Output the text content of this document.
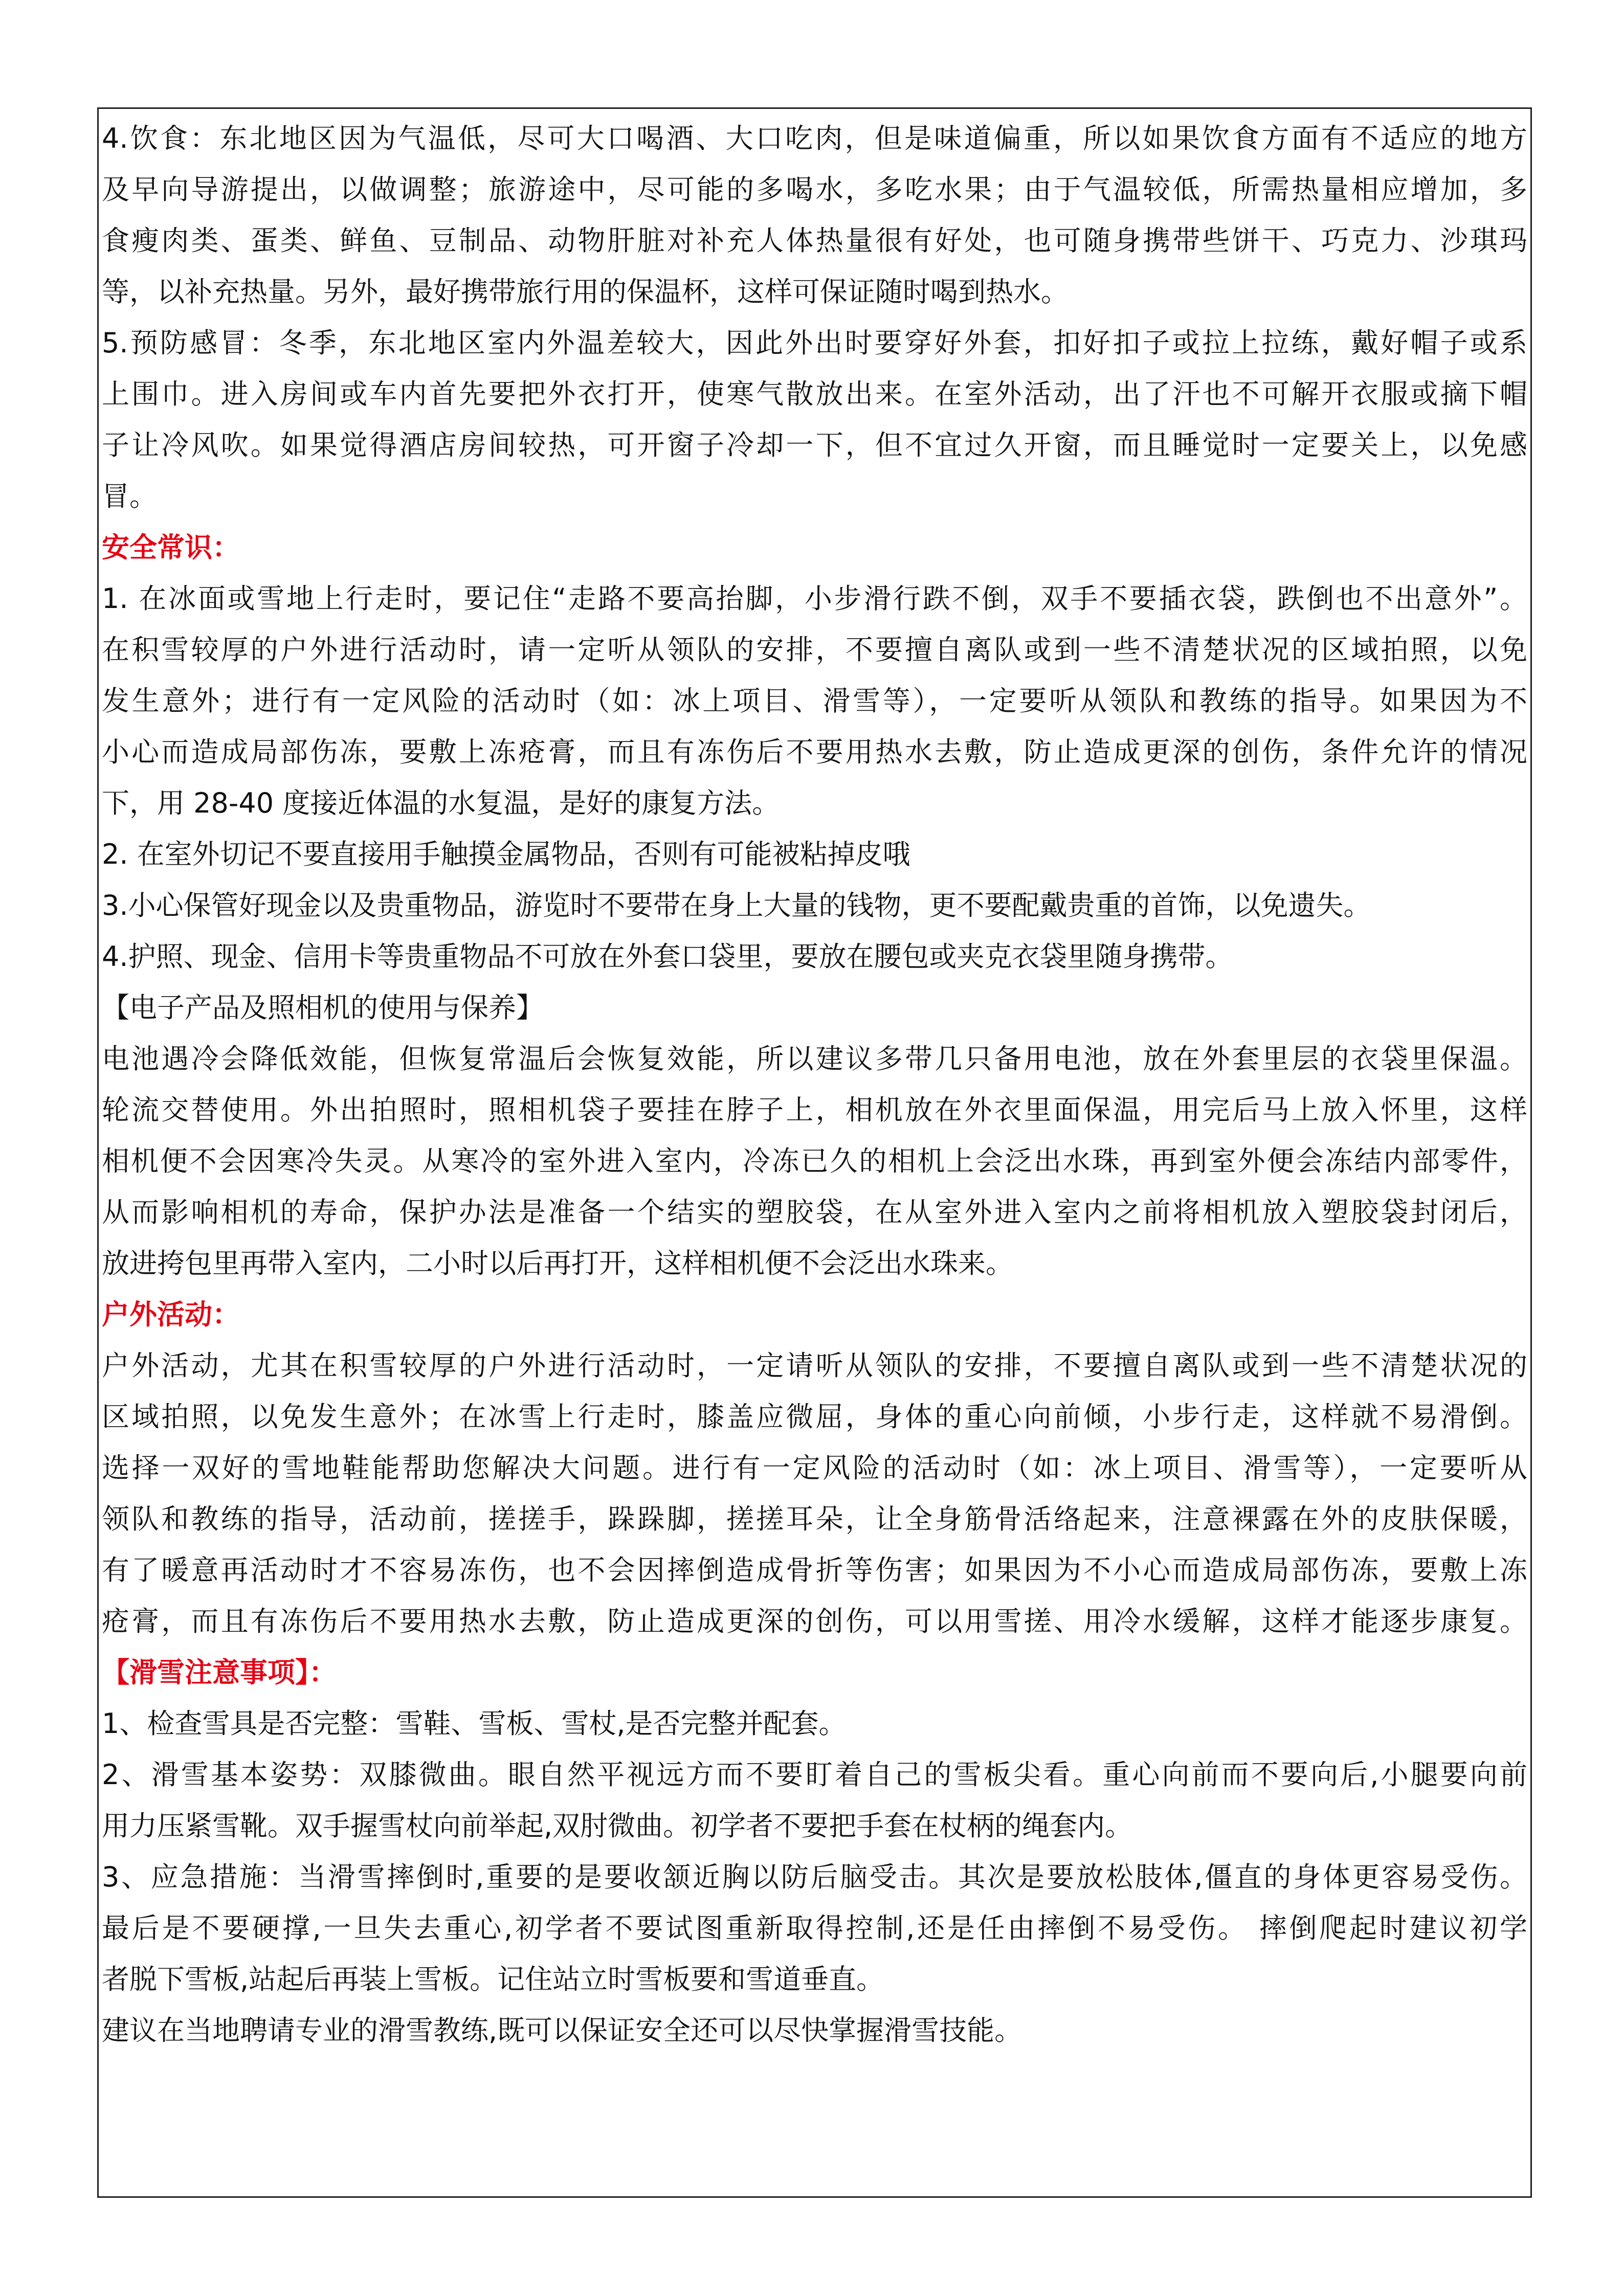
4.饮食：东北地区因为气温低，尽可大口喝酒、大口吃肉，但是味道偏重，所以如果饮食方面有不适应的地方
及早向导游提出，以做调整；旅游途中，尽可能的多喝水，多吃水果；由于气温较低，所需热量相应增加，多
食瘦肉类、蛋类、鲜鱼、豆制品、动物肝脏对补充人体热量很有好处，也可随身携带些饼干、巧克力、沙琪玛
等，以补充热量。另外，最好携带旅行用的保温杯，这样可保证随时喝到热水。
5.预防感冒：冬季，东北地区室内外温差较大，因此外出时要穿好外套，扣好扣子或拉上拉练，戴好帽子或系
上围巾。进入房间或车内首先要把外衣打开，使寒气散放出来。在室外活动，出了汗也不可解开衣服或摘下帽
子让冷风吹。如果觉得酒店房间较热，可开窗子冷却一下，但不宜过久开窗，而且睡觉时一定要关上，以免感
冒。
安全常识：
1. 在冰面或雪地上行走时，要记住“走路不要高抬脚，小步滑行跌不倒，双手不要插衣袋，跌倒也不出意外”。
在积雪较厚的户外进行活动时，请一定听从领队的安排，不要擅自离队或到一些不清楚状况的区域拍照，以免
发生意外；进行有一定风险的活动时（如：冰上项目、滑雪等），一定要听从领队和教练的指导。如果因为不
小心而造成局部伤冻，要敷上冻疮膏，而且有冻伤后不要用热水去敷，防止造成更深的创伤，条件允许的情况
下，用 28-40 度接近体温的水复温，是好的康复方法。
2. 在室外切记不要直接用手触摸金属物品，否则有可能被粘掉皮哦
3.小心保管好现金以及贵重物品，游览时不要带在身上大量的钱物，更不要配戴贵重的首饰，以免遗失。
4.护照、现金、信用卡等贵重物品不可放在外套口袋里，要放在腰包或夹克衣袋里随身携带。
【电子产品及照相机的使用与保养】
电池遇冷会降低效能，但恢复常温后会恢复效能，所以建议多带几只备用电池，放在外套里层的衣袋里保温。
轮流交替使用。外出拍照时，照相机袋子要挂在脖子上，相机放在外衣里面保温，用完后马上放入怀里，这样
相机便不会因寒冷失灵。从寒冷的室外进入室内，冷冻已久的相机上会泛出水珠，再到室外便会冻结内部零件，
从而影响相机的寿命，保护办法是准备一个结实的塑胶袋，在从室外进入室内之前将相机放入塑胶袋封闭后，
放进挎包里再带入室内，二小时以后再打开，这样相机便不会泛出水珠来。
户外活动：
户外活动，尤其在积雪较厚的户外进行活动时，一定请听从领队的安排，不要擅自离队或到一些不清楚状况的
区域拍照，以免发生意外；在冰雪上行走时，膝盖应微屈，身体的重心向前倾，小步行走，这样就不易滑倒。
选择一双好的雪地鞋能帮助您解决大问题。进行有一定风险的活动时（如：冰上项目、滑雪等），一定要听从
领队和教练的指导，活动前，搓搓手，跺跺脚，搓搓耳朵，让全身筋骨活络起来，注意裸露在外的皮肤保暖，
有了暖意再活动时才不容易冻伤，也不会因摔倒造成骨折等伤害；如果因为不小心而造成局部伤冻，要敷上冻
疮膏，而且有冻伤后不要用热水去敷，防止造成更深的创伤，可以用雪搓、用冷水缓解，这样才能逐步康复。
【滑雪注意事项】：
1、检查雪具是否完整：雪鞋、雪板、雪杖,是否完整并配套。
2、滑雪基本姿势：双膝微曲。眼自然平视远方而不要盯着自己的雪板尖看。重心向前而不要向后,小腿要向前
用力压紧雪靴。双手握雪杖向前举起,双肘微曲。初学者不要把手套在杖柄的绳套内。
3、应急措施：当滑雪摔倒时,重要的是要收颔近胸以防后脑受击。其次是要放松肢体,僵直的身体更容易受伤。
最后是不要硬撑,一旦失去重心,初学者不要试图重新取得控制,还是任由摔倒不易受伤。 摔倒爬起时建议初学
者脱下雪板,站起后再装上雪板。记住站立时雪板要和雪道垂直。
建议在当地聘请专业的滑雪教练,既可以保证安全还可以尽快掌握滑雪技能。
